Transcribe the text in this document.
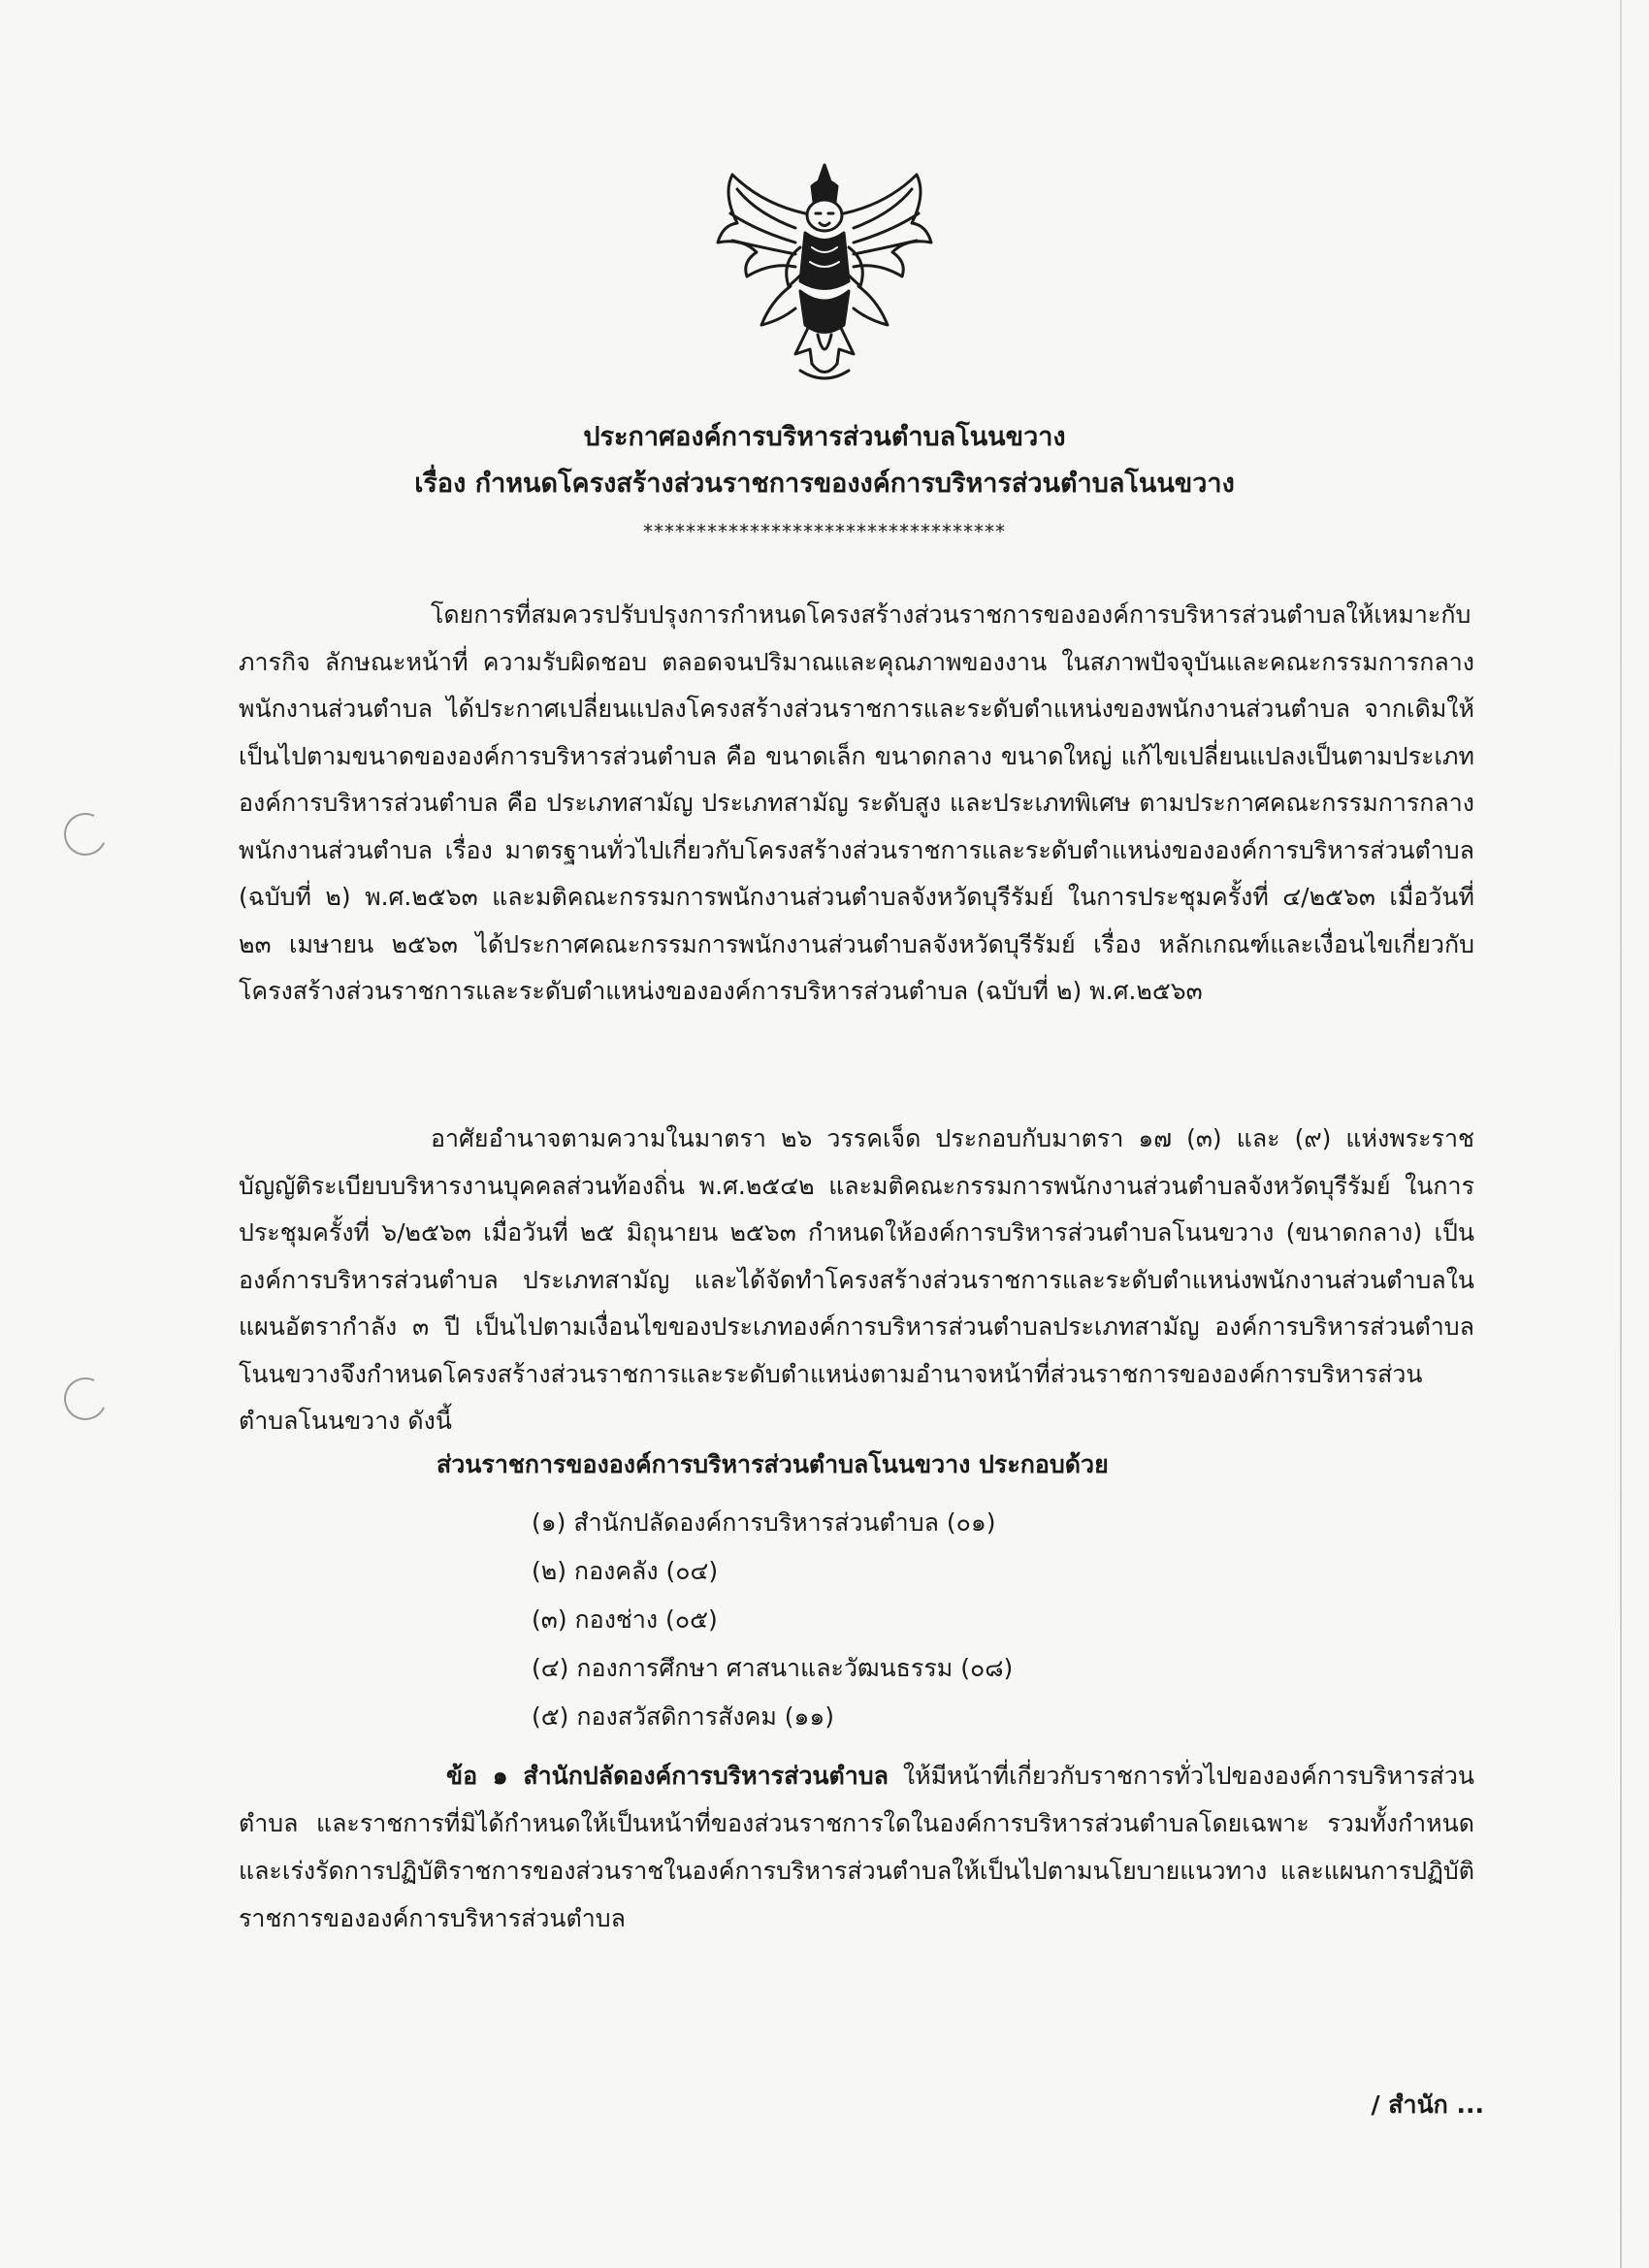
ประกาศองค์การบริหารส่วนตำบลโนนขวาง
เรื่อง กำหนดโครงสร้างส่วนราชการของงค์การบริหารส่วนตำบลโนนขวาง
**********************************
โดยการที่สมควรปรับปรุงการกำหนดโครงสร้างส่วนราชการขององค์การบริหารส่วนตำบลให้เหมาะกับภารกิจ ลักษณะหน้าที่ ความรับผิดชอบ ตลอดจนปริมาณและคุณภาพของงาน ในสภาพปัจจุบันและคณะกรรมการกลางพนักงานส่วนตำบล ได้ประกาศเปลี่ยนแปลงโครงสร้างส่วนราชการและระดับตำแหน่งของพนักงานส่วนตำบล จากเดิมให้เป็นไปตามขนาดขององค์การบริหารส่วนตำบล คือ ขนาดเล็ก ขนาดกลาง ขนาดใหญ่ แก้ไขเปลี่ยนแปลงเป็นตามประเภทองค์การบริหารส่วนตำบล คือ ประเภทสามัญ ประเภทสามัญ ระดับสูง และประเภทพิเศษ ตามประกาศคณะกรรมการกลางพนักงานส่วนตำบล เรื่อง มาตรฐานทั่วไปเกี่ยวกับโครงสร้างส่วนราชการและระดับตำแหน่งขององค์การบริหารส่วนตำบล (ฉบับที่ ๒) พ.ศ.๒๕๖๓ และมติคณะกรรมการพนักงานส่วนตำบลจังหวัดบุรีรัมย์ ในการประชุมครั้งที่ ๔/๒๕๖๓ เมื่อวันที่ ๒๓ เมษายน ๒๕๖๓ ได้ประกาศคณะกรรมการพนักงานส่วนตำบลจังหวัดบุรีรัมย์ เรื่อง หลักเกณฑ์และเงื่อนไขเกี่ยวกับโครงสร้างส่วนราชการและระดับตำแหน่งขององค์การบริหารส่วนตำบล (ฉบับที่ ๒) พ.ศ.๒๕๖๓
อาศัยอำนาจตามความในมาตรา ๒๖ วรรคเจ็ด ประกอบกับมาตรา ๑๗ (๓) และ (๙) แห่งพระราชบัญญัติระเบียบบริหารงานบุคคลส่วนท้องถิ่น พ.ศ.๒๕๔๒ และมติคณะกรรมการพนักงานส่วนตำบลจังหวัดบุรีรัมย์ ในการประชุมครั้งที่ ๖/๒๕๖๓ เมื่อวันที่ ๒๕ มิถุนายน ๒๕๖๓ กำหนดให้องค์การบริหารส่วนตำบลโนนขวาง (ขนาดกลาง) เป็นองค์การบริหารส่วนตำบล ประเภทสามัญ และได้จัดทำโครงสร้างส่วนราชการและระดับตำแหน่งพนักงานส่วนตำบลในแผนอัตรากำลัง ๓ ปี เป็นไปตามเงื่อนไขของประเภทองค์การบริหารส่วนตำบลประเภทสามัญ องค์การบริหารส่วนตำบลโนนขวางจึงกำหนดโครงสร้างส่วนราชการและระดับตำแหน่งตามอำนาจหน้าที่ส่วนราชการขององค์การบริหารส่วนตำบลโนนขวาง ดังนี้
ส่วนราชการขององค์การบริหารส่วนตำบลโนนขวาง ประกอบด้วย
(๑) สำนักปลัดองค์การบริหารส่วนตำบล (๐๑)
(๒) กองคลัง (๐๔)
(๓) กองช่าง (๐๕)
(๔) กองการศึกษา ศาสนาและวัฒนธรรม (๐๘)
(๕) กองสวัสดิการสังคม (๑๑)
ข้อ ๑ สำนักปลัดองค์การบริหารส่วนตำบล ให้มีหน้าที่เกี่ยวกับราชการทั่วไปขององค์การบริหารส่วนตำบล และราชการที่มิได้กำหนดให้เป็นหน้าที่ของส่วนราชการใดในองค์การบริหารส่วนตำบลโดยเฉพาะ รวมทั้งกำหนดและเร่งรัดการปฏิบัติราชการของส่วนราชในองค์การบริหารส่วนตำบลให้เป็นไปตามนโยบายแนวทาง และแผนการปฏิบัติราชการขององค์การบริหารส่วนตำบล
/ สำนัก ...
